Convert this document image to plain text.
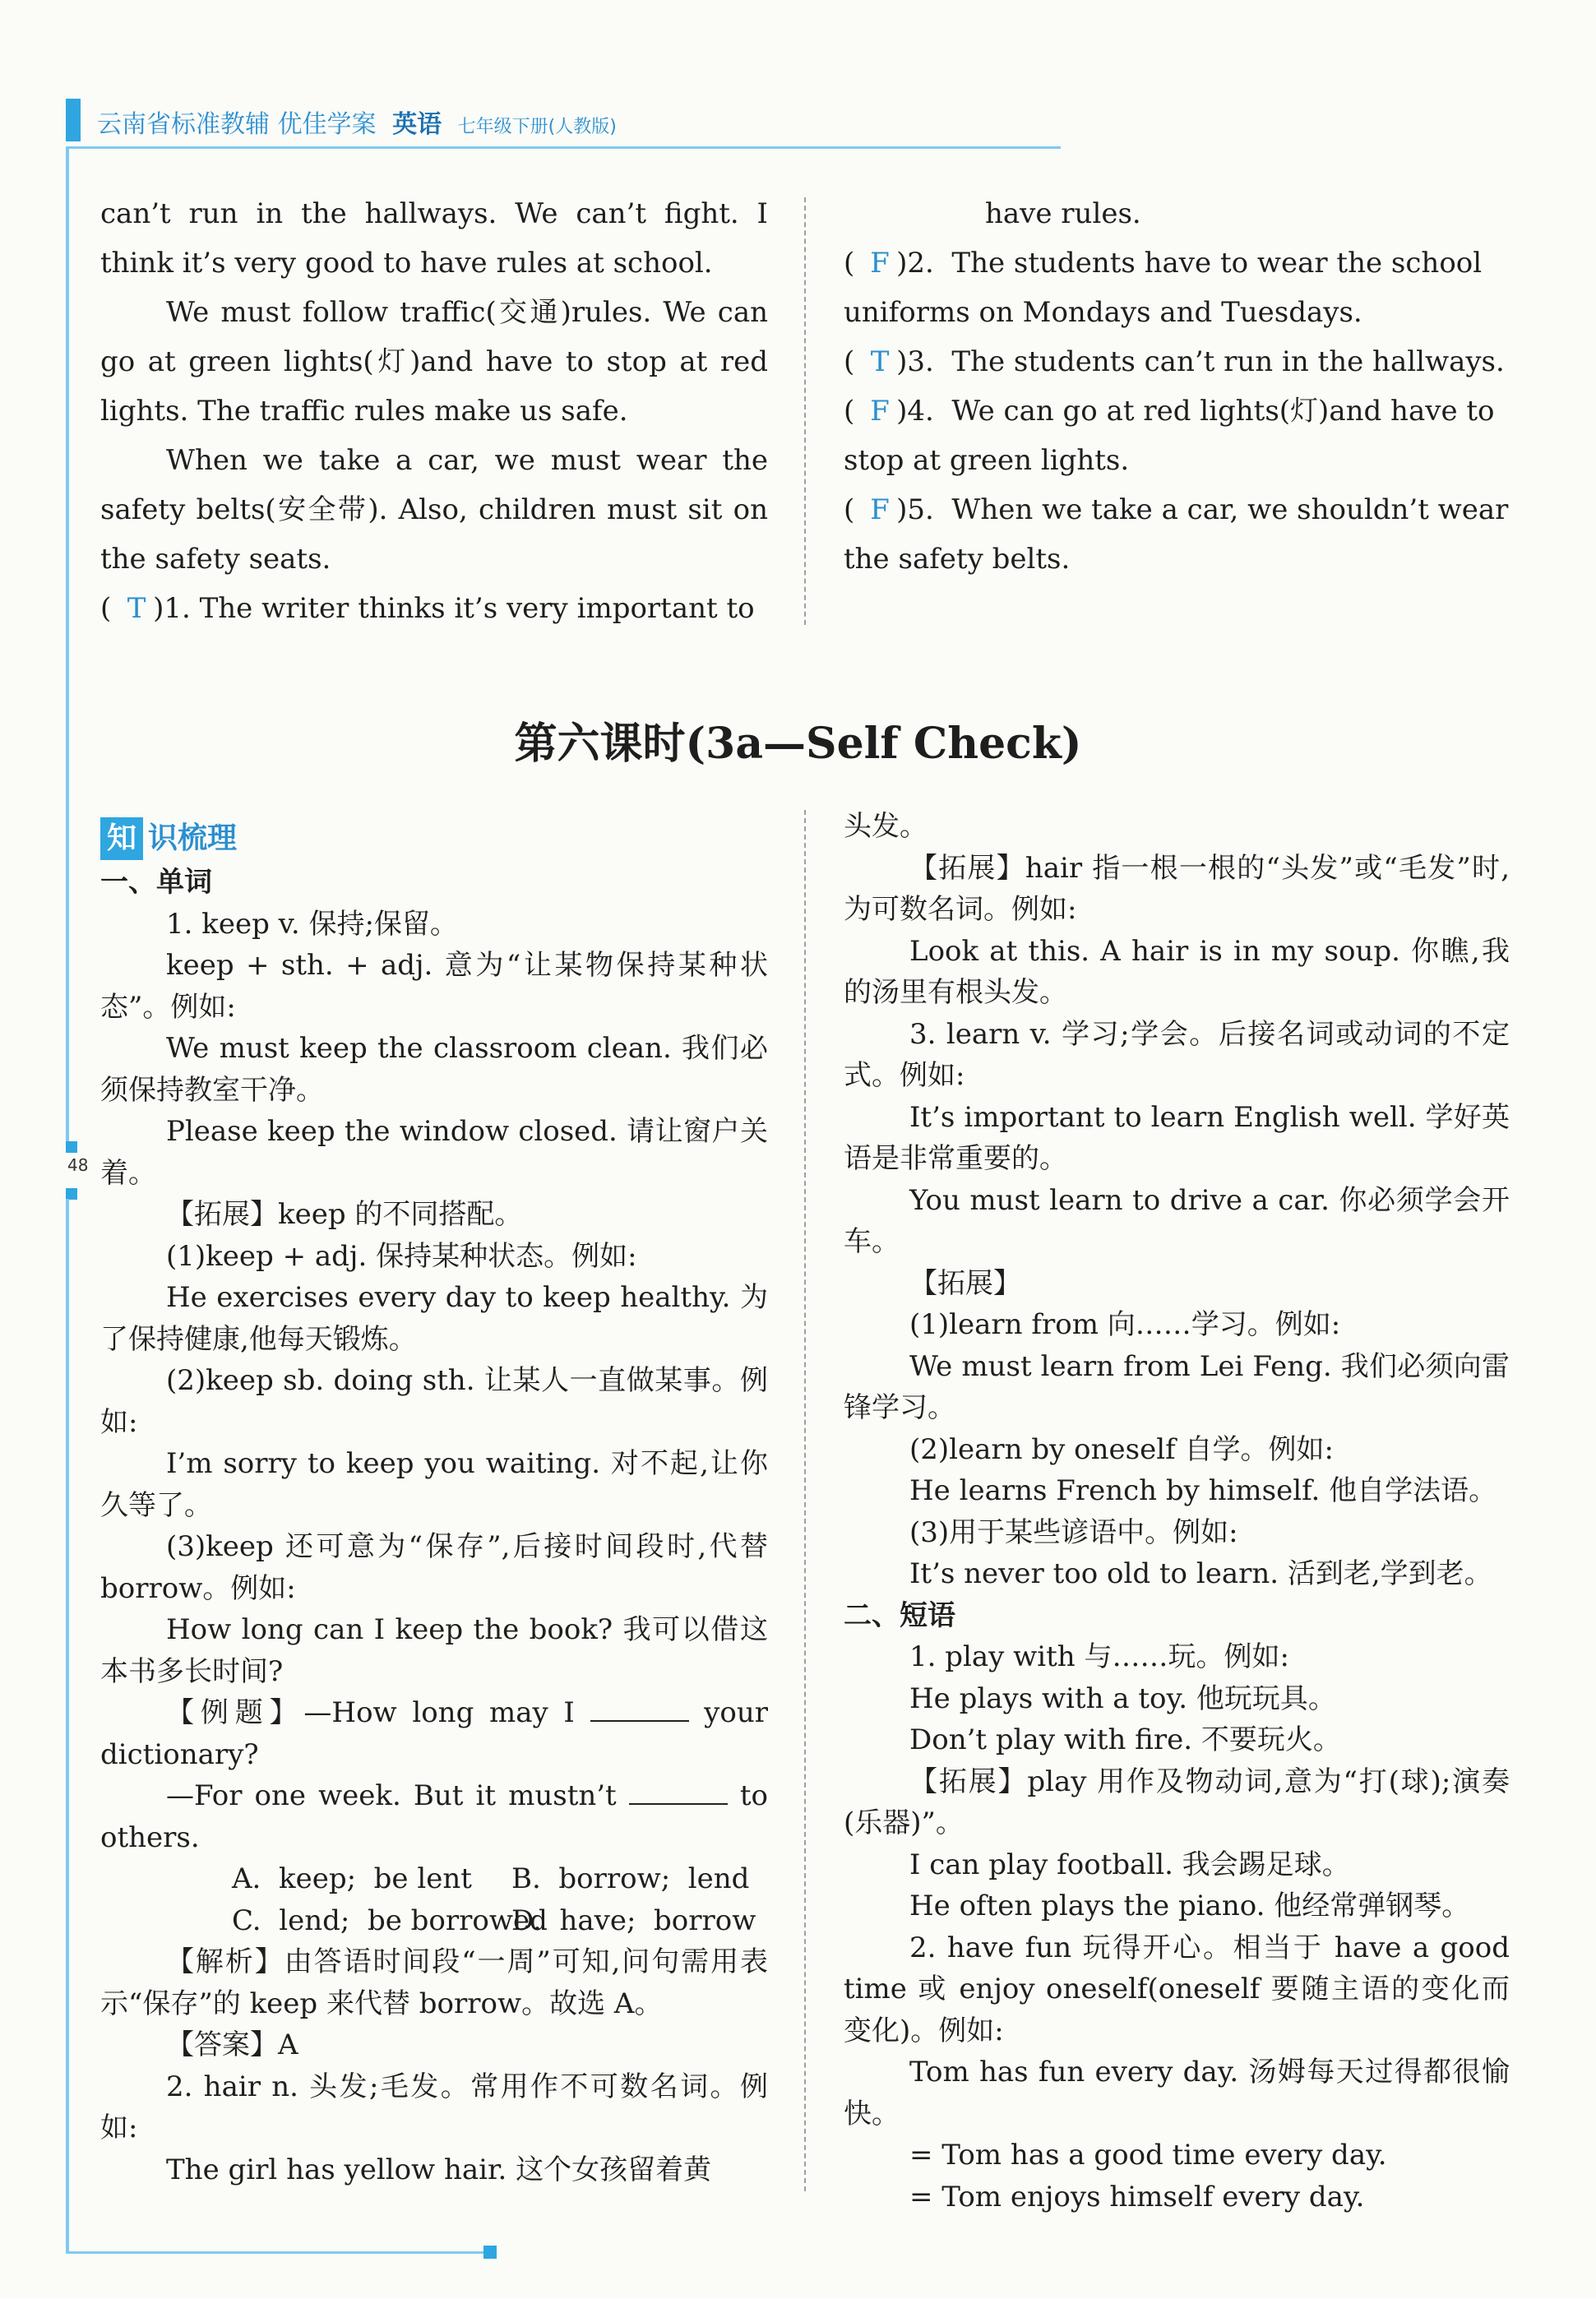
云南省标准教辅 优佳学案 英语 七年级下册(人教版)
48

can’t run in the hallways. We can’t fight. I think it’s very good to have rules at school.

We must follow traffic(交通)rules. We can go at green lights(灯)and have to stop at red lights. The traffic rules make us safe.

When we take a car, we must wear the safety belts(安全带). Also, children must sit on the safety seats.

( T )1. The writer thinks it’s very important to

have rules.

( F )2. The students have to wear the school uniforms on Mondays and Tuesdays.

( T )3. The students can’t run in the hallways.

( F )4. We can go at red lights(灯)and have to stop at green lights.

( F )5. When we take a car, we shouldn’t wear the safety belts.

第六课时(3a—Self Check)
知 识梳理

一、单词

1. keep v. 保持;保留。

keep + sth. + adj. 意为“让某物保持某种状态”。例如:

We must keep the classroom clean. 我们必须保持教室干净。

Please keep the window closed. 请让窗户关着。

【拓展】keep 的不同搭配。

(1)keep + adj. 保持某种状态。例如:

He exercises every day to keep healthy. 为了保持健康,他每天锻炼。

(2)keep sb. doing sth. 让某人一直做某事。例如:

I’m sorry to keep you waiting. 对不起,让你久等了。

(3)keep 还可意为“保存”,后接时间段时,代替 borrow。例如:

How long can I keep the book? 我可以借这本书多长时间?

【例题】—How long may I	your dictionary?

—For one week. But it mustn’t	to others.

A.  keep;  be lent B.  borrow;  lend

C.  lend;  be borrowedD.  have;  borrow

【解析】由答语时间段“一周”可知,问句需用表示“保存”的 keep 来代替 borrow。故选 A。

【答案】A

2. hair n. 头发;毛发。常用作不可数名词。例如:

The girl has yellow hair. 这个女孩留着黄

头发。

【拓展】hair 指一根一根的“头发”或“毛发”时,为可数名词。例如:

Look at this. A hair is in my soup. 你瞧,我的汤里有根头发。

3. learn v. 学习;学会。后接名词或动词的不定式。例如:

It’s important to learn English well. 学好英语是非常重要的。

You must learn to drive a car. 你必须学会开车。

【拓展】

(1)learn from 向……学习。例如:

We must learn from Lei Feng. 我们必须向雷锋学习。

(2)learn by oneself 自学。例如:

He learns French by himself. 他自学法语。

(3)用于某些谚语中。例如:

It’s never too old to learn. 活到老,学到老。

二、短语

1. play with 与……玩。例如:

He plays with a toy. 他玩玩具。

Don’t play with fire. 不要玩火。

【拓展】play 用作及物动词,意为“打(球);演奏(乐器)”。

I can play football. 我会踢足球。

He often plays the piano. 他经常弹钢琴。

2. have fun 玩得开心。相当于 have a good time 或 enjoy oneself(oneself 要随主语的变化而变化)。例如:

Tom has fun every day. 汤姆每天过得都很愉快。

= Tom has a good time every day.

= Tom enjoys himself every day.
